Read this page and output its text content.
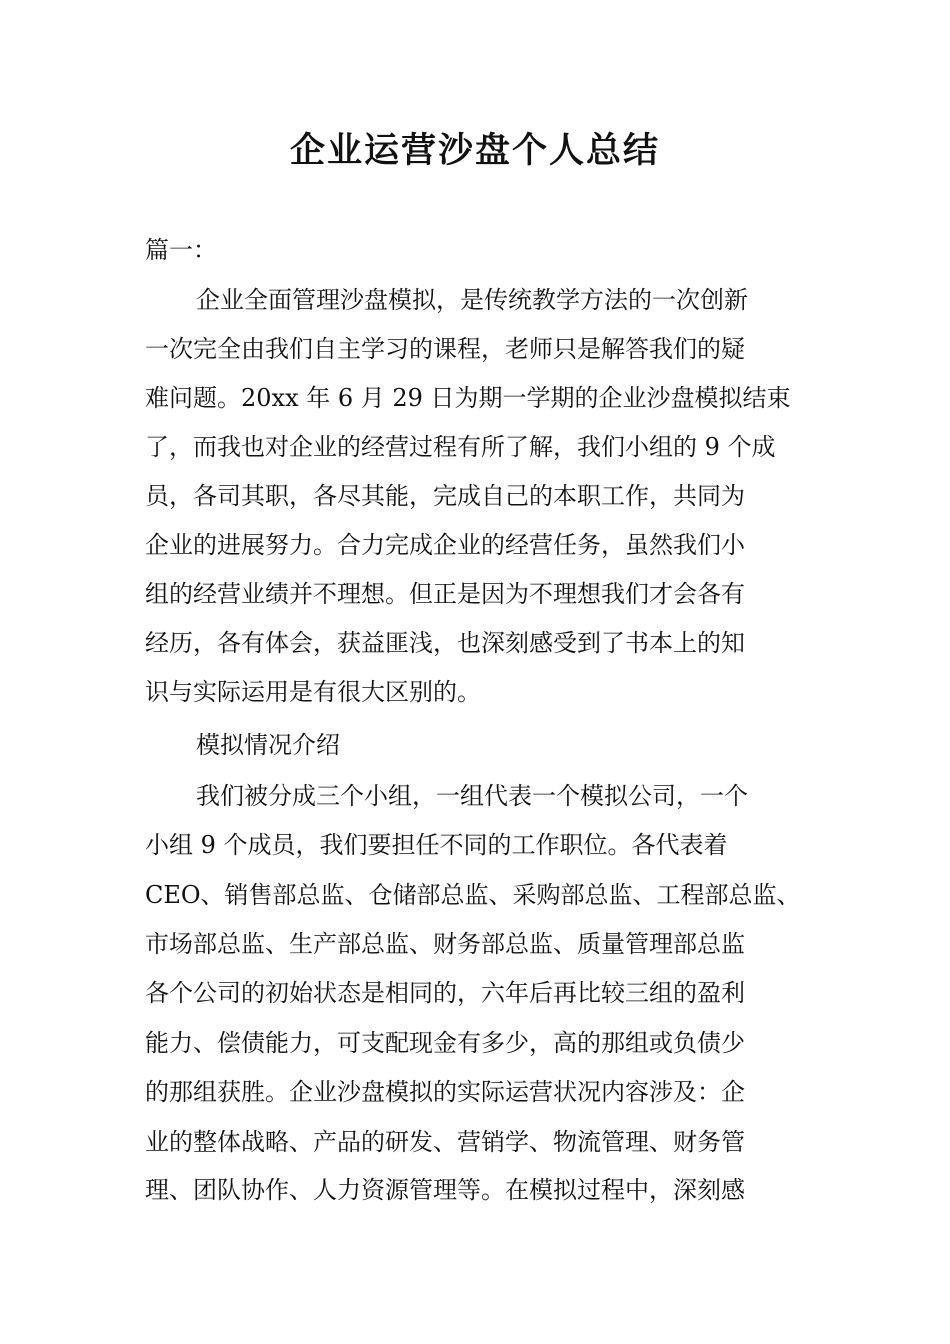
企业运营沙盘个人总结
篇一：
企业全面管理沙盘模拟，是传统教学方法的一次创新
一次完全由我们自主学习的课程，老师只是解答我们的疑
难问题。20xx 年 6 月 29 日为期一学期的企业沙盘模拟结束
了，而我也对企业的经营过程有所了解，我们小组的 9 个成
员，各司其职，各尽其能，完成自己的本职工作，共同为
企业的进展努力。合力完成企业的经营任务，虽然我们小
组的经营业绩并不理想。但正是因为不理想我们才会各有
经历，各有体会，获益匪浅，也深刻感受到了书本上的知
识与实际运用是有很大区别的。
模拟情况介绍
我们被分成三个小组，一组代表一个模拟公司，一个
小组 9 个成员，我们要担任不同的工作职位。各代表着
CEO、销售部总监、仓储部总监、采购部总监、工程部总监、
市场部总监、生产部总监、财务部总监、质量管理部总监
各个公司的初始状态是相同的，六年后再比较三组的盈利
能力、偿债能力，可支配现金有多少，高的那组或负债少
的那组获胜。企业沙盘模拟的实际运营状况内容涉及：企
业的整体战略、产品的研发、营销学、物流管理、财务管
理、团队协作、人力资源管理等。在模拟过程中，深刻感
